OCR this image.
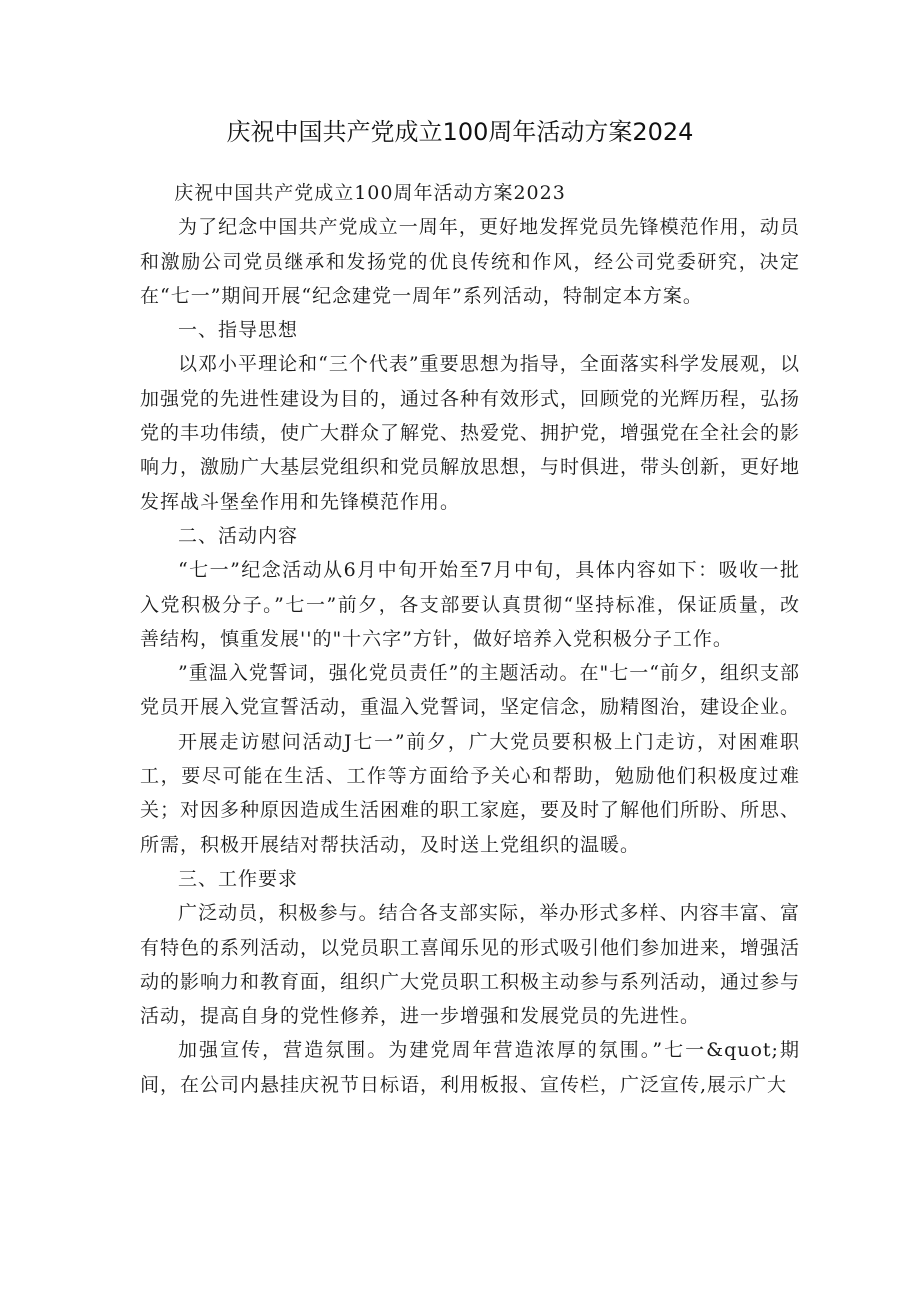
庆祝中国共产党成立100周年活动方案2024

庆祝中国共产党成立100周年活动方案2023

为了纪念中国共产党成立一周年，更好地发挥党员先锋模范作用，动员和激励公司党员继承和发扬党的优良传统和作风，经公司党委研究，决定在“七一”期间开展“纪念建党一周年”系列活动，特制定本方案。

一、指导思想

以邓小平理论和“三个代表”重要思想为指导，全面落实科学发展观，以加强党的先进性建设为目的，通过各种有效形式，回顾党的光辉历程，弘扬党的丰功伟绩，使广大群众了解党、热爱党、拥护党，增强党在全社会的影响力，激励广大基层党组织和党员解放思想，与时俱进，带头创新，更好地发挥战斗堡垒作用和先锋模范作用。

二、活动内容

“七一”纪念活动从6月中旬开始至7月中旬，具体内容如下：吸收一批入党积极分子。”七一”前夕，各支部要认真贯彻“坚持标准，保证质量，改善结构，慎重发展''的"十六字”方针，做好培养入党积极分子工作。

”重温入党誓词，强化党员责任”的主题活动。在"七一“前夕，组织支部党员开展入党宣誓活动，重温入党誓词，坚定信念，励精图治，建设企业。

开展走访慰问活动J七一”前夕，广大党员要积极上门走访，对困难职工，要尽可能在生活、工作等方面给予关心和帮助，勉励他们积极度过难关；对因多种原因造成生活困难的职工家庭，要及时了解他们所盼、所思、所需，积极开展结对帮扶活动，及时送上党组织的温暖。

三、工作要求

广泛动员，积极参与。结合各支部实际，举办形式多样、内容丰富、富有特色的系列活动，以党员职工喜闻乐见的形式吸引他们参加进来，增强活动的影响力和教育面，组织广大党员职工积极主动参与系列活动，通过参与活动，提高自身的党性修养，进一步增强和发展党员的先进性。

加强宣传，营造氛围。为建党周年营造浓厚的氛围。”七一&quot;期间，在公司内悬挂庆祝节日标语，利用板报、宣传栏，广泛宣传,展示广大
